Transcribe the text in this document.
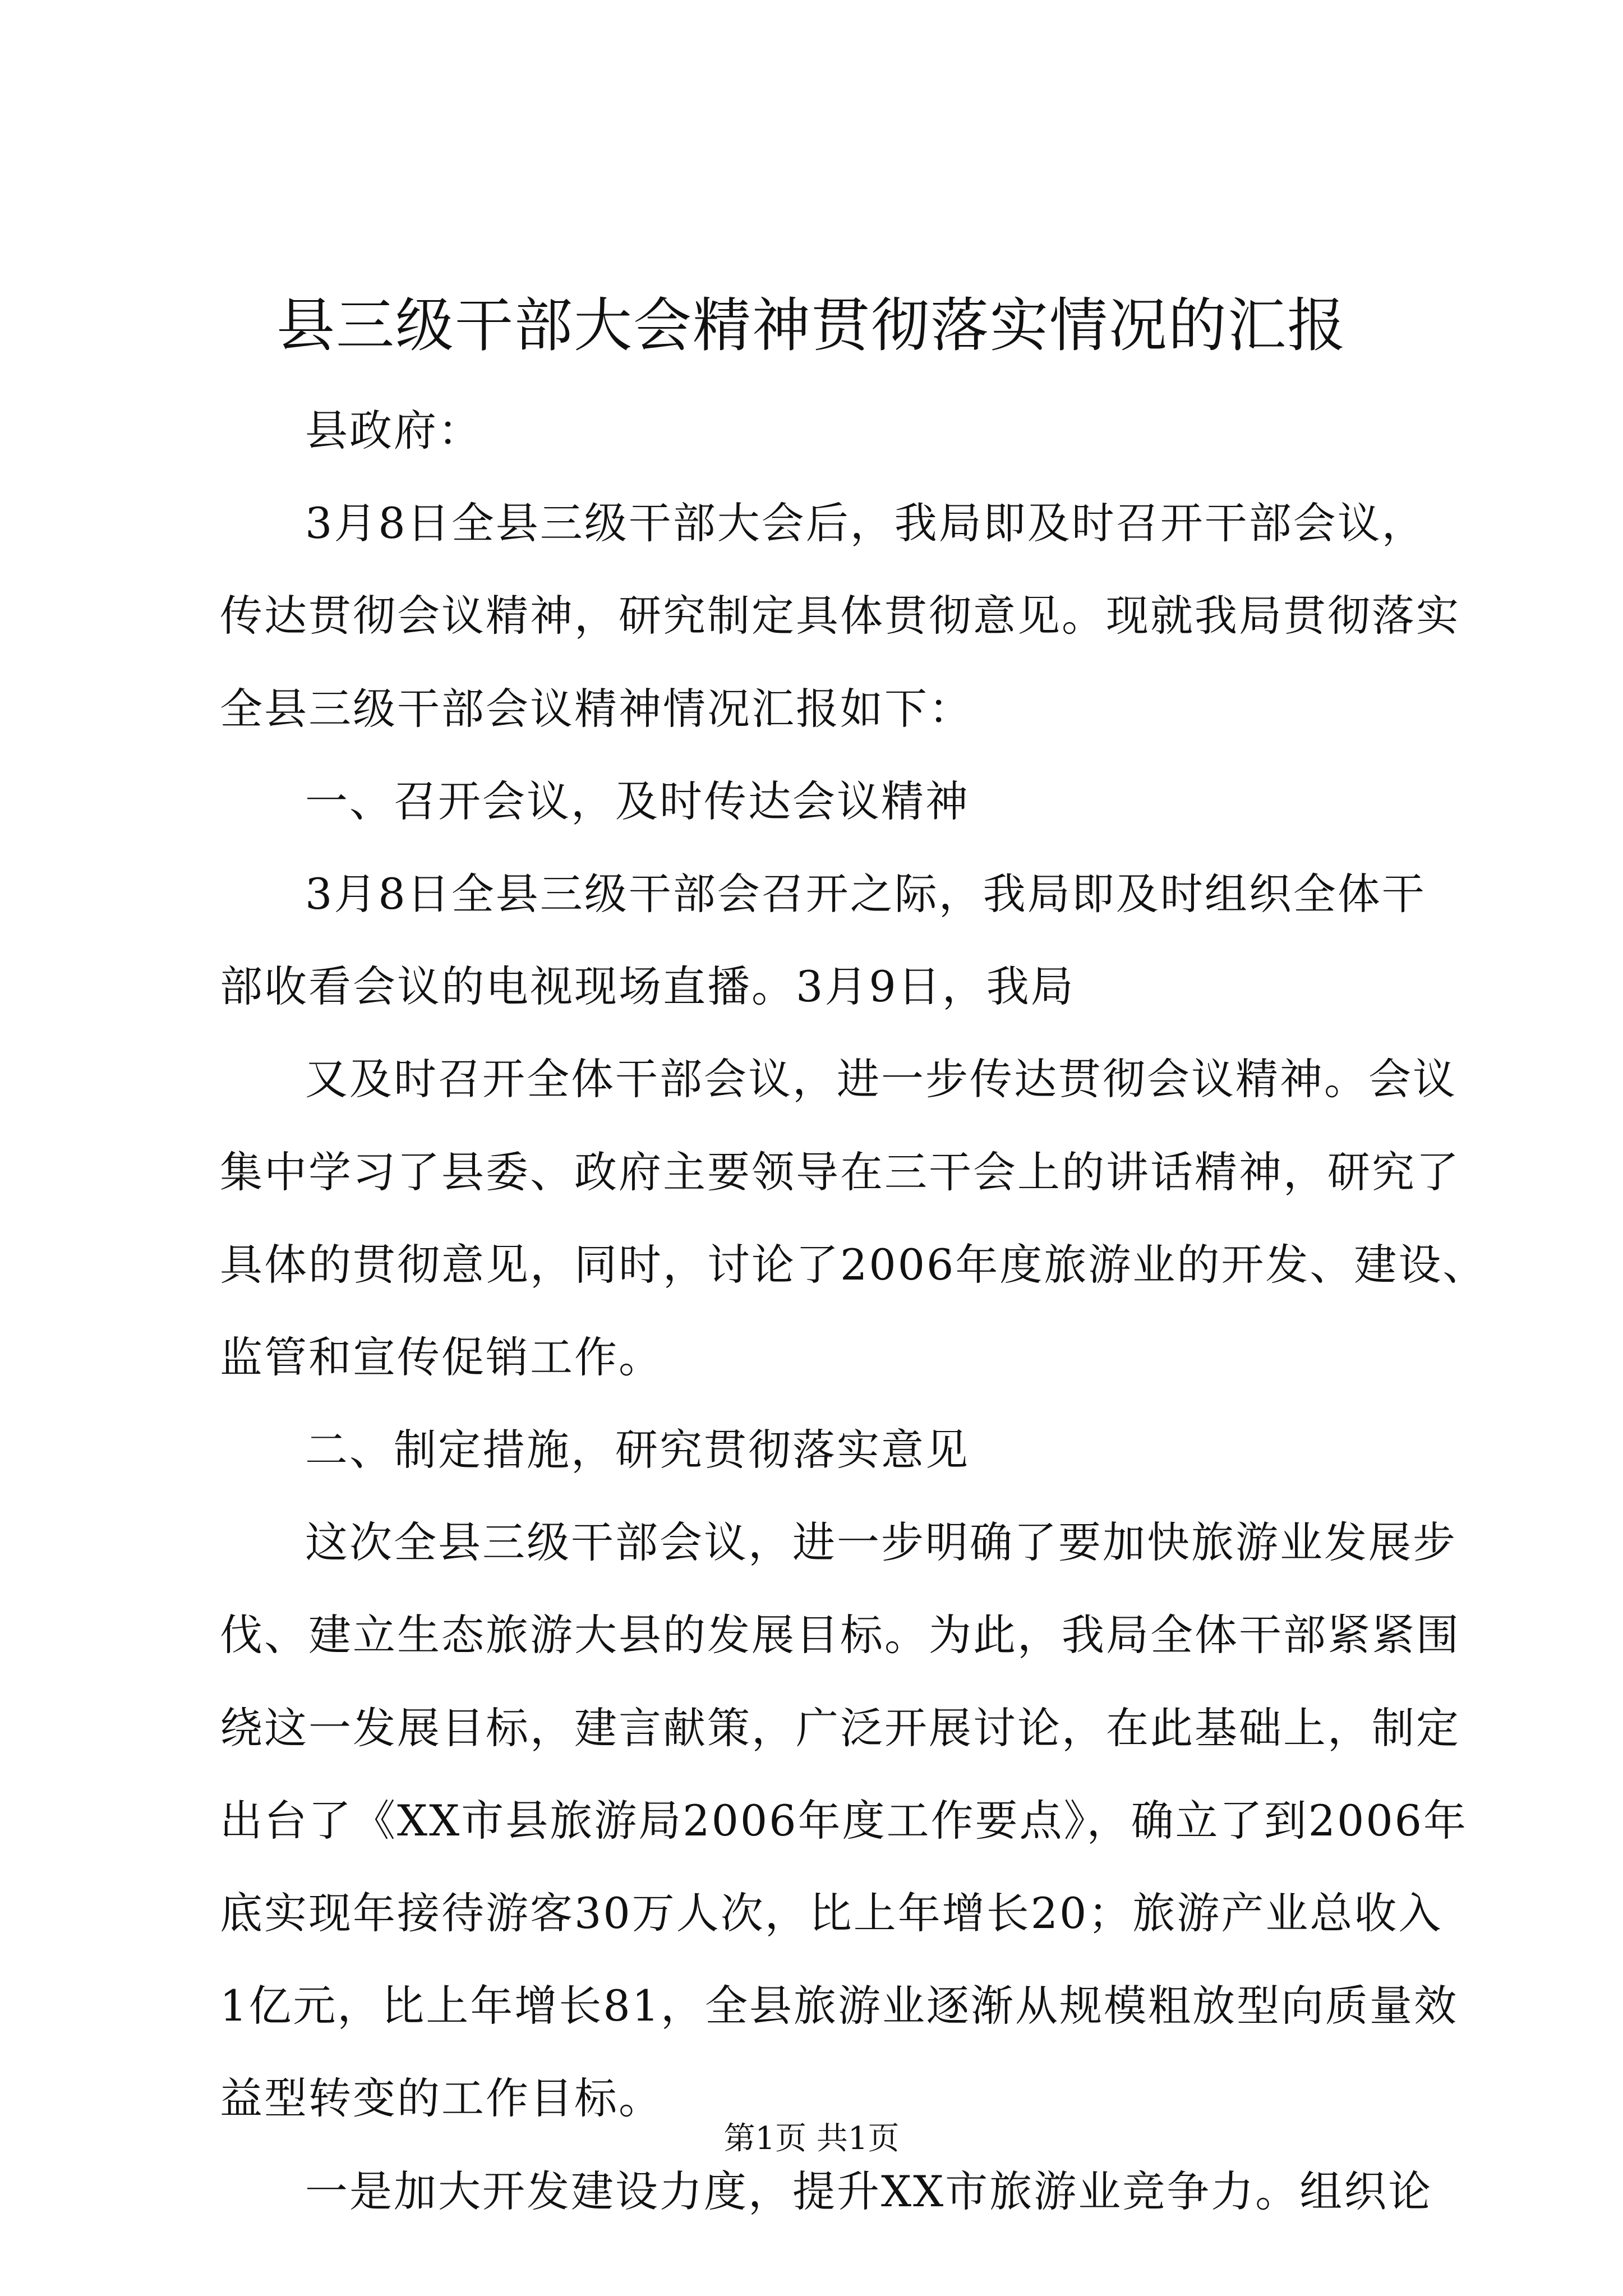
县三级干部大会精神贯彻落实情况的汇报
县政府：
3月8日全县三级干部大会后，我局即及时召开干部会议，
传达贯彻会议精神，研究制定具体贯彻意见。现就我局贯彻落实
全县三级干部会议精神情况汇报如下：
一、召开会议，及时传达会议精神
3月8日全县三级干部会召开之际，我局即及时组织全体干
部收看会议的电视现场直播。3月9日，我局
又及时召开全体干部会议，进一步传达贯彻会议精神。会议
集中学习了县委、政府主要领导在三干会上的讲话精神，研究了
具体的贯彻意见，同时，讨论了2006年度旅游业的开发、建设、
监管和宣传促销工作。
二、制定措施，研究贯彻落实意见
这次全县三级干部会议，进一步明确了要加快旅游业发展步
伐、建立生态旅游大县的发展目标。为此，我局全体干部紧紧围
绕这一发展目标，建言献策，广泛开展讨论，在此基础上，制定
出台了《XX市县旅游局2006年度工作要点》，确立了到2006年
底实现年接待游客30万人次，比上年增长20；旅游产业总收入
1亿元，比上年增长81，全县旅游业逐渐从规模粗放型向质量效
益型转变的工作目标。
一是加大开发建设力度，提升XX市旅游业竞争力。组织论
第1页 共1页
